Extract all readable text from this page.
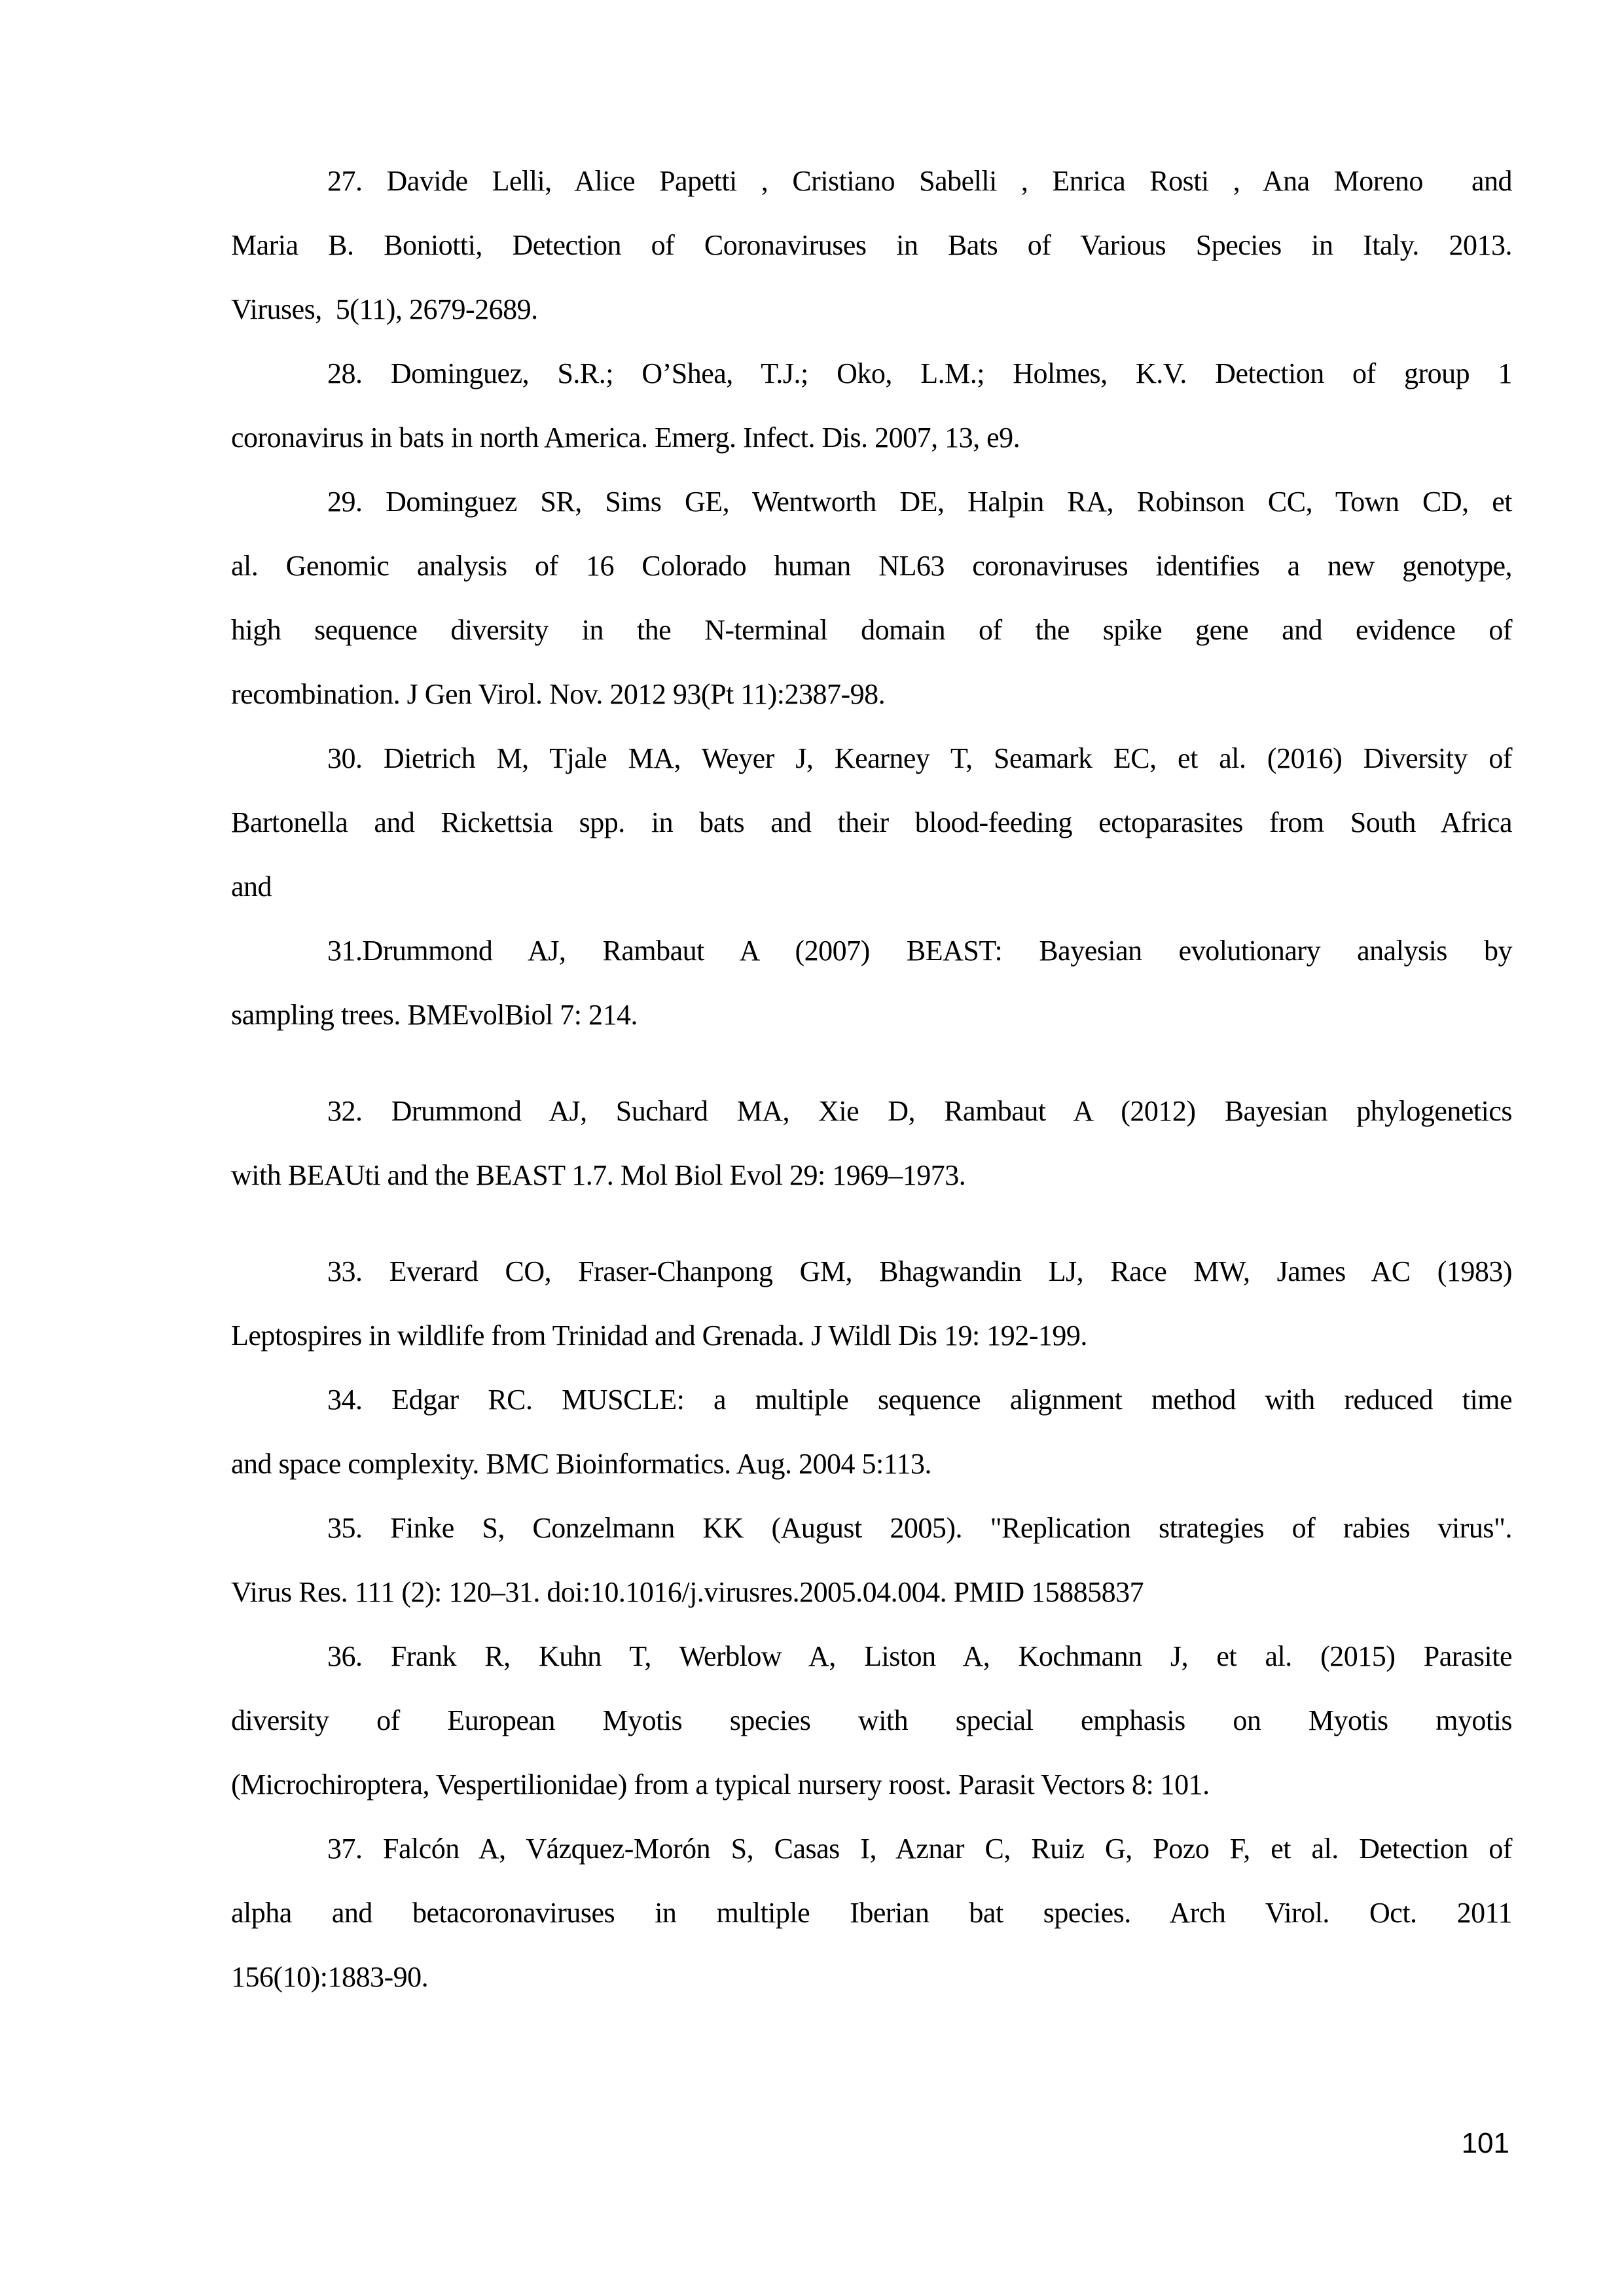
27. Davide Lelli, Alice Papetti , Cristiano Sabelli , Enrica Rosti , Ana Moreno  and
Maria B. Boniotti, Detection of Coronaviruses in Bats of Various Species in Italy. 2013.
Viruses,  5(11), 2679-2689.

28. Dominguez, S.R.; O’Shea, T.J.; Oko, L.M.; Holmes, K.V. Detection of group 1
coronavirus in bats in north America. Emerg. Infect. Dis. 2007, 13, e9.

29. Dominguez SR, Sims GE, Wentworth DE, Halpin RA, Robinson CC, Town CD, et
al. Genomic analysis of 16 Colorado human NL63 coronaviruses identifies a new genotype,
high sequence diversity in the N-terminal domain of the spike gene and evidence of
recombination. J Gen Virol. Nov. 2012 93(Pt 11):2387-98.

30. Dietrich M, Tjale MA, Weyer J, Kearney T, Seamark EC, et al. (2016) Diversity of
Bartonella and Rickettsia spp. in bats and their blood-feeding ectoparasites from South Africa
and

31.Drummond AJ, Rambaut A (2007) BEAST: Bayesian evolutionary analysis by
sampling trees. BMEvolBiol 7: 214.

32. Drummond AJ, Suchard MA, Xie D, Rambaut A (2012) Bayesian phylogenetics
with BEAUti and the BEAST 1.7. Mol Biol Evol 29: 1969–1973.

33. Everard CO, Fraser-Chanpong GM, Bhagwandin LJ, Race MW, James AC (1983)
Leptospires in wildlife from Trinidad and Grenada. J Wildl Dis 19: 192-199.

34. Edgar RC. MUSCLE: a multiple sequence alignment method with reduced time
and space complexity. BMC Bioinformatics. Aug. 2004 5:113.

35. Finke S, Conzelmann KK (August 2005). "Replication strategies of rabies virus".
Virus Res. 111 (2): 120–31. doi:10.1016/j.virusres.2005.04.004. PMID 15885837

36. Frank R, Kuhn T, Werblow A, Liston A, Kochmann J, et al. (2015) Parasite
diversity of European Myotis species with special emphasis on Myotis myotis
(Microchiroptera, Vespertilionidae) from a typical nursery roost. Parasit Vectors 8: 101.

37. Falcón A, Vázquez-Morón S, Casas I, Aznar C, Ruiz G, Pozo F, et al. Detection of
alpha and betacoronaviruses in multiple Iberian bat species. Arch Virol. Oct. 2011
156(10):1883-90.

101
